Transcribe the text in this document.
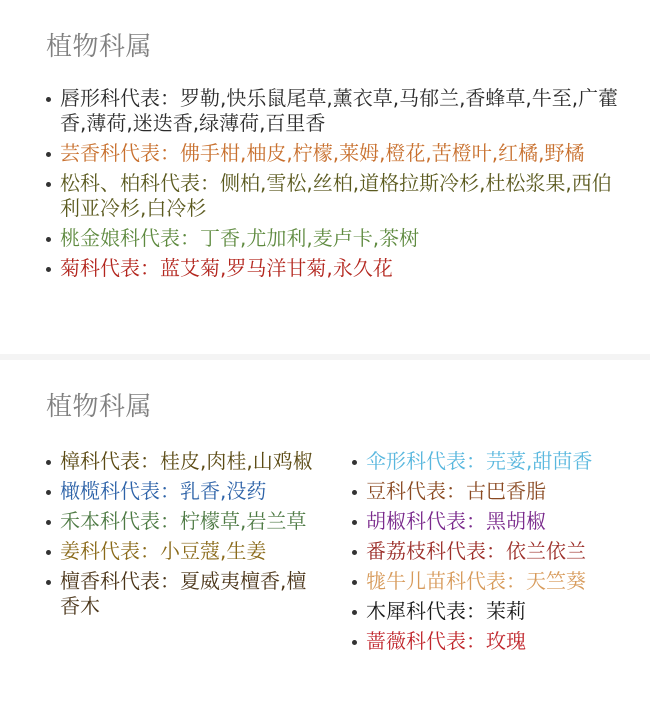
植物科属
唇形科代表：罗勒,快乐鼠尾草,薰衣草,马郁兰,香蜂草,牛至,广藿香,薄荷,迷迭香,绿薄荷,百里香
芸香科代表：佛手柑,柚皮,柠檬,莱姆,橙花,苦橙叶,红橘,野橘
松科、柏科代表：侧柏,雪松,丝柏,道格拉斯冷杉,杜松浆果,西伯利亚冷杉,白冷杉
桃金娘科代表：丁香,尤加利,麦卢卡,茶树
菊科代表：蓝艾菊,罗马洋甘菊,永久花
植物科属
樟科代表：桂皮,肉桂,山鸡椒
橄榄科代表：乳香,没药
禾本科代表：柠檬草,岩兰草
姜科代表：小豆蔻,生姜
檀香科代表：夏威夷檀香,檀香木
伞形科代表：芫荽,甜茴香
豆科代表：古巴香脂
胡椒科代表：黑胡椒
番荔枝科代表：依兰依兰
牻牛儿苗科代表：天竺葵
木犀科代表：茉莉
蔷薇科代表：玫瑰
